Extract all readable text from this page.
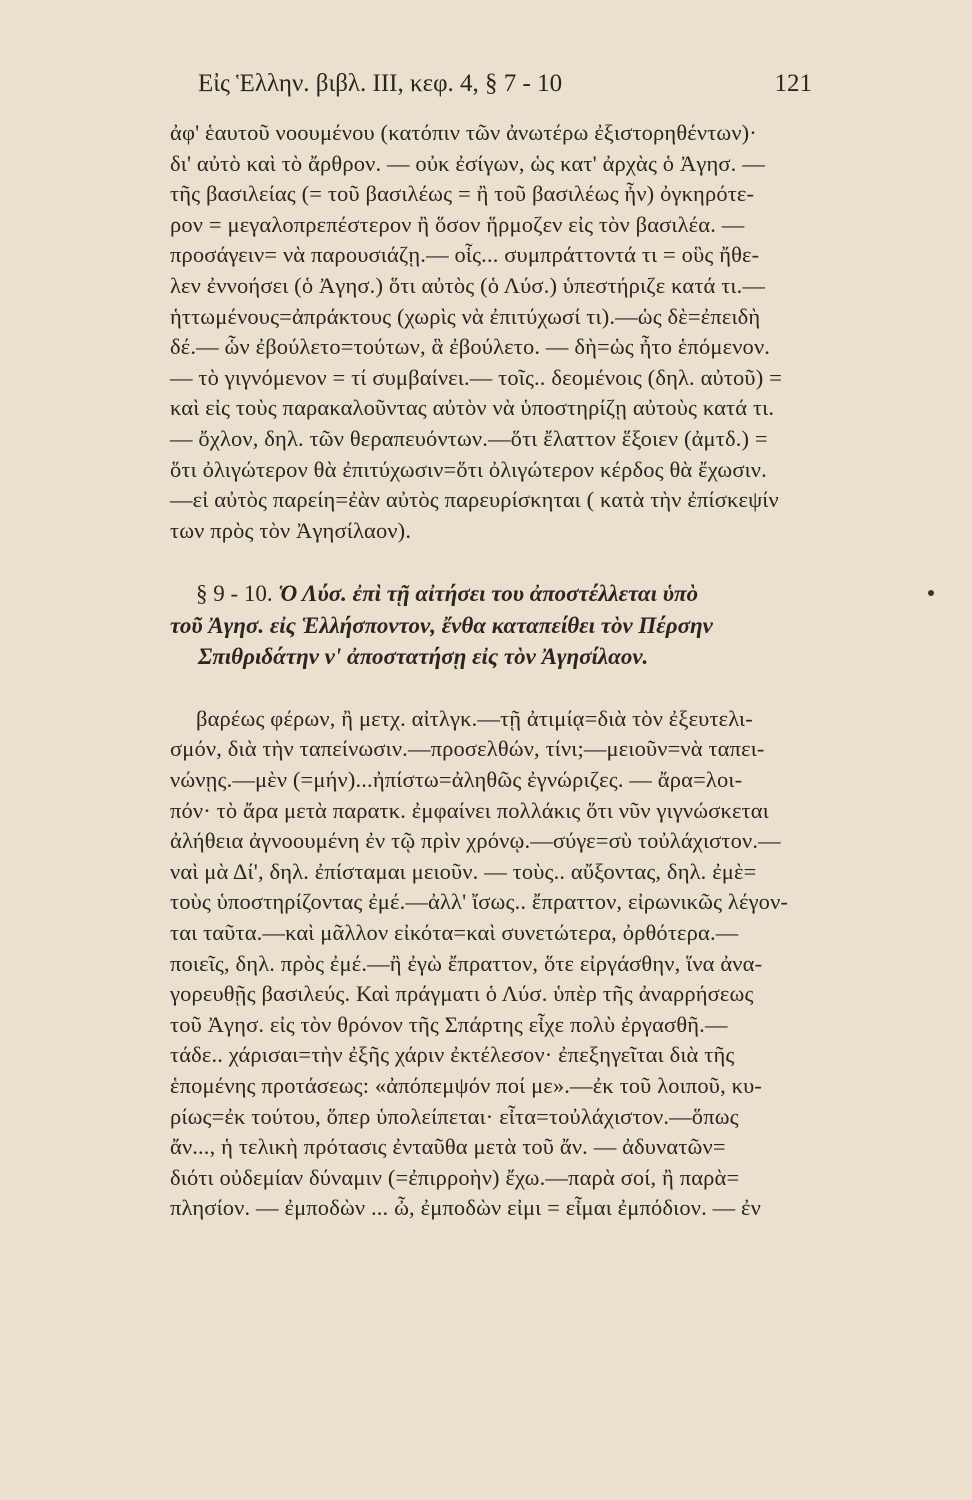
Εἰς Ἑλλην. βιβλ. III, κεφ. 4, § 7 - 10	121
ἀφ' ἑαυτοῦ νοουμένου (κατόπιν τῶν ἀνωτέρω ἐξιστορηθέντων)·
δι' αὐτὸ καὶ τὸ ἄρθρον. — οὐκ ἐσίγων, ὡς κατ' ἀρχὰς ὁ Ἀγησ. —
τῆς βασιλείας (= τοῦ βασιλέως = ἢ τοῦ βασιλέως ἦν) ὀγκηρότε-
ρον = μεγαλοπρεπέστερον ἢ ὅσον ἥρμοζεν εἰς τὸν βασιλέα. —
προσάγειν= νὰ παρουσιάζῃ.— οἷς... συμπράττοντά τι = οὓς ἤθε-
λεν ἐννοήσει (ὁ Ἀγησ.) ὅτι αὐτὸς (ὁ Λύσ.) ὑπεστήριζε κατά τι.—
ἡττωμένους=ἀπράκτους (χωρὶς νὰ ἐπιτύχωσί τι).—ὡς δὲ=ἐπειδὴ
δέ.— ὧν ἐβούλετο=τούτων, ἃ ἐβούλετο. — δὴ=ὡς ἦτο ἑπόμενον.
— τὸ γιγνόμενον = τί συμβαίνει.— τοῖς.. δεομένοις (δηλ. αὐτοῦ) =
καὶ εἰς τοὺς παρακαλοῦντας αὐτὸν νὰ ὑποστηρίζῃ αὐτοὺς κατά τι.
— ὄχλον, δηλ. τῶν θεραπευόντων.—ὅτι ἔλαττον ἕξοιεν (ἀμτδ.) =
ὅτι ὀλιγώτερον θὰ ἐπιτύχωσιν=ὅτι ὀλιγώτερον κέρδος θὰ ἔχωσιν.
—εἰ αὐτὸς παρείη=ἐὰν αὐτὸς παρευρίσκηται ( κατὰ τὴν ἐπίσκεψίν
των πρὸς τὸν Ἀγησίλαον).
§ 9 - 10. Ὁ Λύσ. ἐπὶ τῇ αἰτήσει του ἀποστέλλεται ὑπὸ
τοῦ Ἀγησ. εἰς Ἑλλήσποντον, ἔνθα καταπείθει τὸν Πέρσην
Σπιθριδάτην ν' ἀποστατήσῃ εἰς τὸν Ἀγησίλαον.
βαρέως φέρων, ἢ μετχ. αἰτλγκ.—τῇ ἀτιμίᾳ=διὰ τὸν ἐξευτελι-
σμόν, διὰ τὴν ταπείνωσιν.—προσελθών, τίνι;—μειοῦν=νὰ ταπει-
νώνῃς.—μὲν (=μήν)...ἠπίστω=ἀληθῶς ἐγνώριζες. — ἄρα=λοι-
πόν· τὸ ἄρα μετὰ παρατκ. ἐμφαίνει πολλάκις ὅτι νῦν γιγνώσκεται
ἀλήθεια ἀγνοουμένη ἐν τῷ πρὶν χρόνῳ.—σύγε=σὺ τοὐλάχιστον.—
ναὶ μὰ Δί', δηλ. ἐπίσταμαι μειοῦν. — τοὺς.. αὔξοντας, δηλ. ἐμὲ=
τοὺς ὑποστηρίζοντας ἐμέ.—ἀλλ' ἴσως.. ἔπραττον, εἰρωνικῶς λέγον-
ται ταῦτα.—καὶ μᾶλλον εἰκότα=καὶ συνετώτερα, ὀρθότερα.—
ποιεῖς, δηλ. πρὸς ἐμέ.—ἢ ἐγὼ ἔπραττον, ὅτε εἰργάσθην, ἵνα ἀνα-
γορευθῇς βασιλεύς. Καὶ πράγματι ὁ Λύσ. ὑπὲρ τῆς ἀναρρήσεως
τοῦ Ἀγησ. εἰς τὸν θρόνον τῆς Σπάρτης εἶχε πολὺ ἐργασθῆ.—
τάδε.. χάρισαι=τὴν ἐξῆς χάριν ἐκτέλεσον· ἐπεξηγεῖται διὰ τῆς
ἑπομένης προτάσεως: «ἀπόπεμψόν ποί με».—ἐκ τοῦ λοιποῦ, κυ-
ρίως=ἐκ τούτου, ὅπερ ὑπολείπεται· εἶτα=τοὐλάχιστον.—ὅπως
ἄν..., ἡ τελικὴ πρότασις ἐνταῦθα μετὰ τοῦ ἄν. — ἀδυνατῶν=
διότι οὐδεμίαν δύναμιν (=ἐπιρροὴν) ἔχω.—παρὰ σοί, ἢ παρὰ=
πλησίον. — ἐμποδὼν ... ὦ, ἐμποδὼν εἰμι = εἶμαι ἐμπόδιον. — ἐν
